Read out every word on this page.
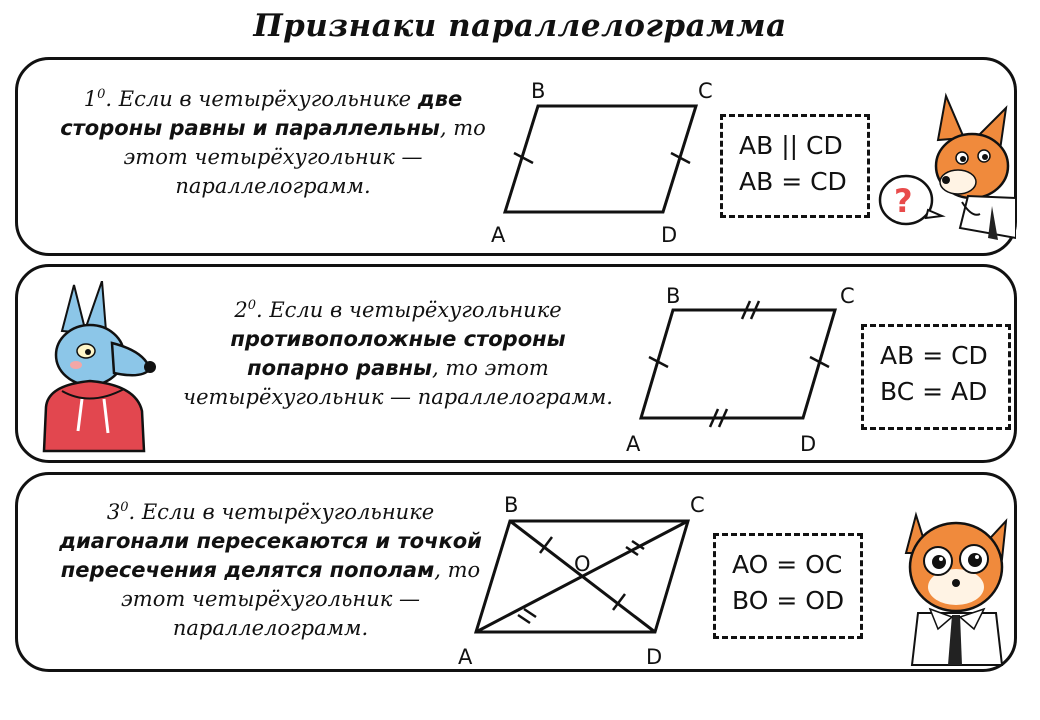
Признаки параллелограмма
$1^0$. Если в четырёхугольнике две стороны равны и параллельны, то этот четырёхугольник — параллелограмм.
B	C
A	D
AB || CD
AB = CD
?
$2^0$. Если в четырёхугольнике противоположные стороны попарно равны, то этот четырёхугольник — параллелограмм.
B	C
A	D
AB = CD
BC = AD
$3^0$. Если в четырёхугольнике диагонали пересекаются и точкой пересечения делятся пополам, то этот четырёхугольник — параллелограмм.
B	C
O
A	D
AO = OC
BO = OD
